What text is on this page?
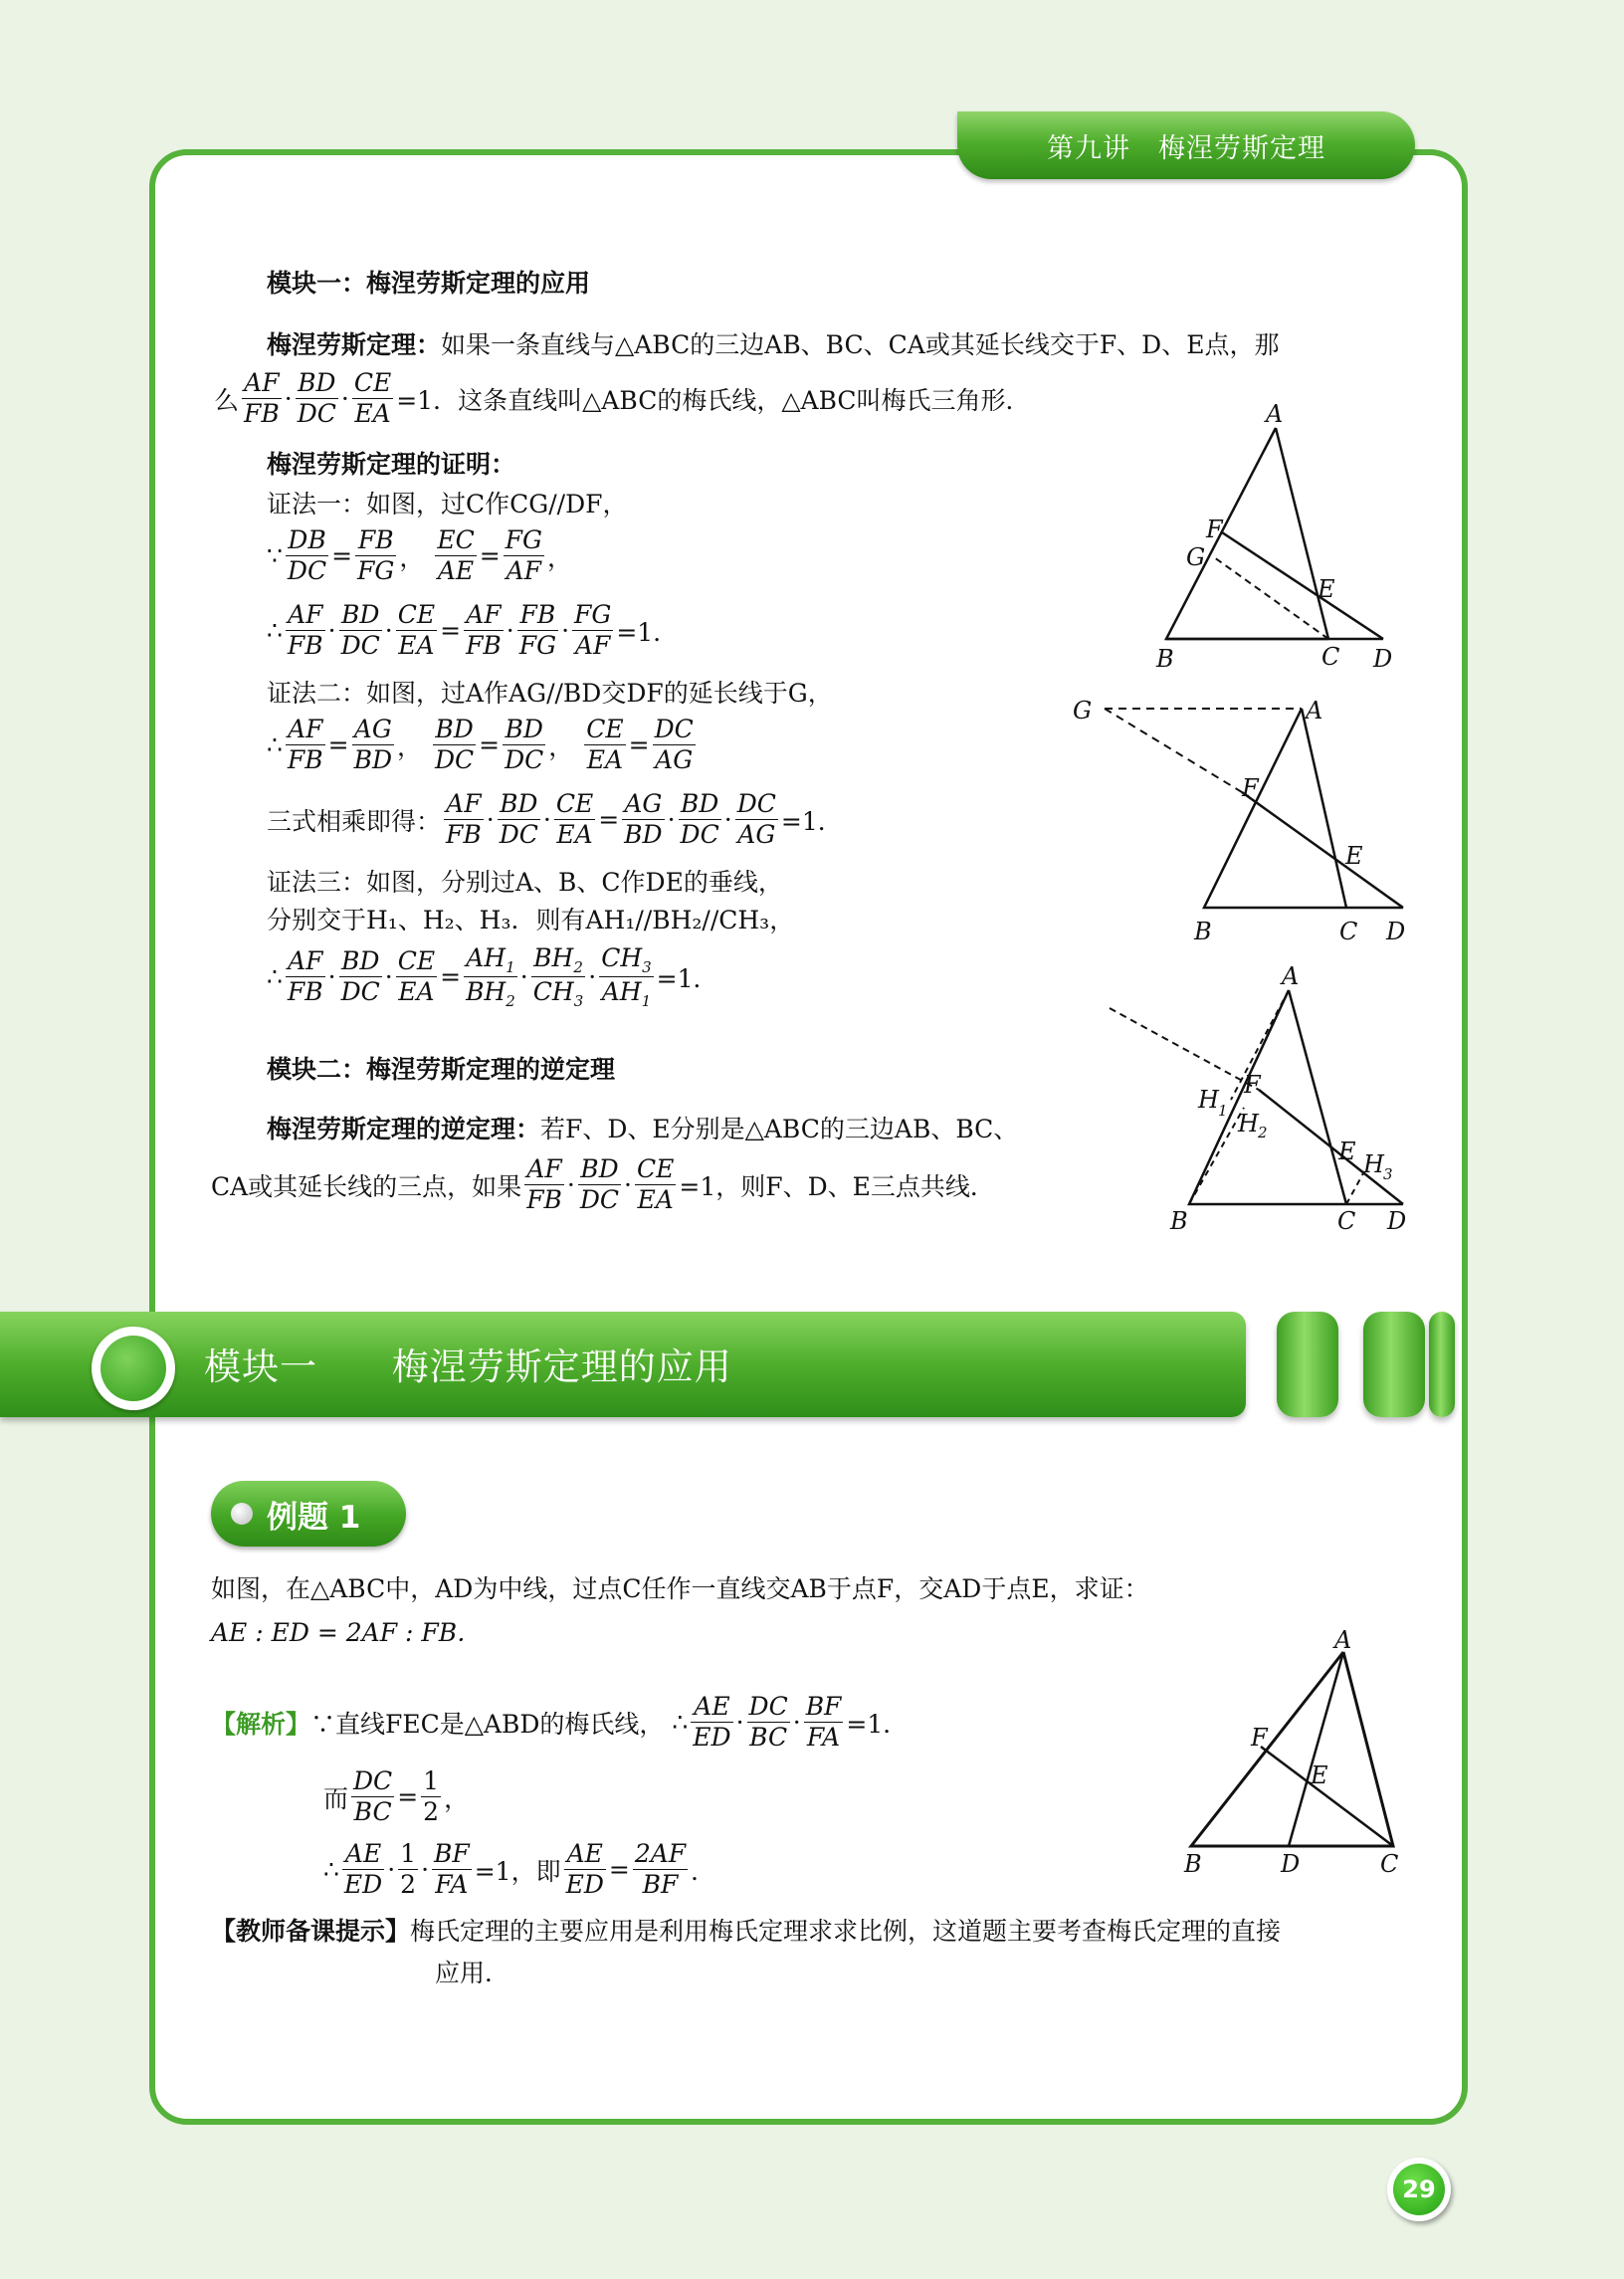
第九讲 梅涅劳斯定理
模块一：梅涅劳斯定理的应用
梅涅劳斯定理：如果一条直线与△ABC的三边AB、BC、CA或其延长线交于F、D、E点，那
么 $\frac{AF}{FB} \cdot \frac{BD}{DC} \cdot \frac{CE}{EA} =1$．这条直线叫△ABC的梅氏线，△ABC叫梅氏三角形．
梅涅劳斯定理的证明：
证法一：如图，过C作CG//DF，
∵ $\frac{DB}{DC} = \frac{FB}{FG}$ ， $\frac{EC}{AE} = \frac{FG}{AF}$ ，
∴ $\frac{AF}{FB} \cdot \frac{BD}{DC} \cdot \frac{CE}{EA} = \frac{AF}{FB} \cdot \frac{FB}{FG} \cdot \frac{FG}{AF} =1$．
证法二：如图，过A作AG//BD交DF的延长线于G，
∴ $\frac{AF}{FB} = \frac{AG}{BD}$ ， $\frac{BD}{DC} = \frac{BD}{DC}$ ， $\frac{CE}{EA} = \frac{DC}{AG}$
三式相乘即得： $\frac{AF}{FB} \cdot \frac{BD}{DC} \cdot \frac{CE}{EA} = \frac{AG}{BD} \cdot \frac{BD}{DC} \cdot \frac{DC}{AG} =1$．
证法三：如图，分别过A、B、C作DE的垂线，
分别交于H₁、H₂、H₃．则有AH₁//BH₂//CH₃，
∴ $\frac{AF}{FB} \cdot \frac{BD}{DC} \cdot \frac{CE}{EA} = \frac{AH_1}{BH_2} \cdot \frac{BH_2}{CH_3} \cdot \frac{CH_3}{AH_1} =1$．
模块二：梅涅劳斯定理的逆定理
梅涅劳斯定理的逆定理：若F、D、E分别是△ABC的三边AB、BC、
CA或其延长线的三点，如果 $\frac{AF}{FB} \cdot \frac{BD}{DC} \cdot \frac{CE}{EA} =1$，则F、D、E三点共线．
A
F
G
E
B	C D
G	A
F
E
B	C D
A
H 1
F
H 2
E H 3
B	C D
模块一 梅涅劳斯定理的应用
例题 1
如图，在△ABC中，AD为中线，过点C任作一直线交AB于点F，交AD于点E，求证：
AE : ED = 2AF : FB．
【解析】 ∵直线FEC是△ABD的梅氏线， ∴ $\frac{AE}{ED} \cdot \frac{DC}{BC} \cdot \frac{BF}{FA} =1$．
而 $\frac{DC}{BC} = \frac{1}{2}$ ，
∴ $\frac{AE}{ED} \cdot \frac{1}{2} \cdot \frac{BF}{FA} =1$，即 $\frac{AE}{ED} = \frac{2AF}{BF}$ ．
【教师备课提示】梅氏定理的主要应用是利用梅氏定理求求比例，这道题主要考查梅氏定理的直接
应用．
A
F
E
B	D	C
29
